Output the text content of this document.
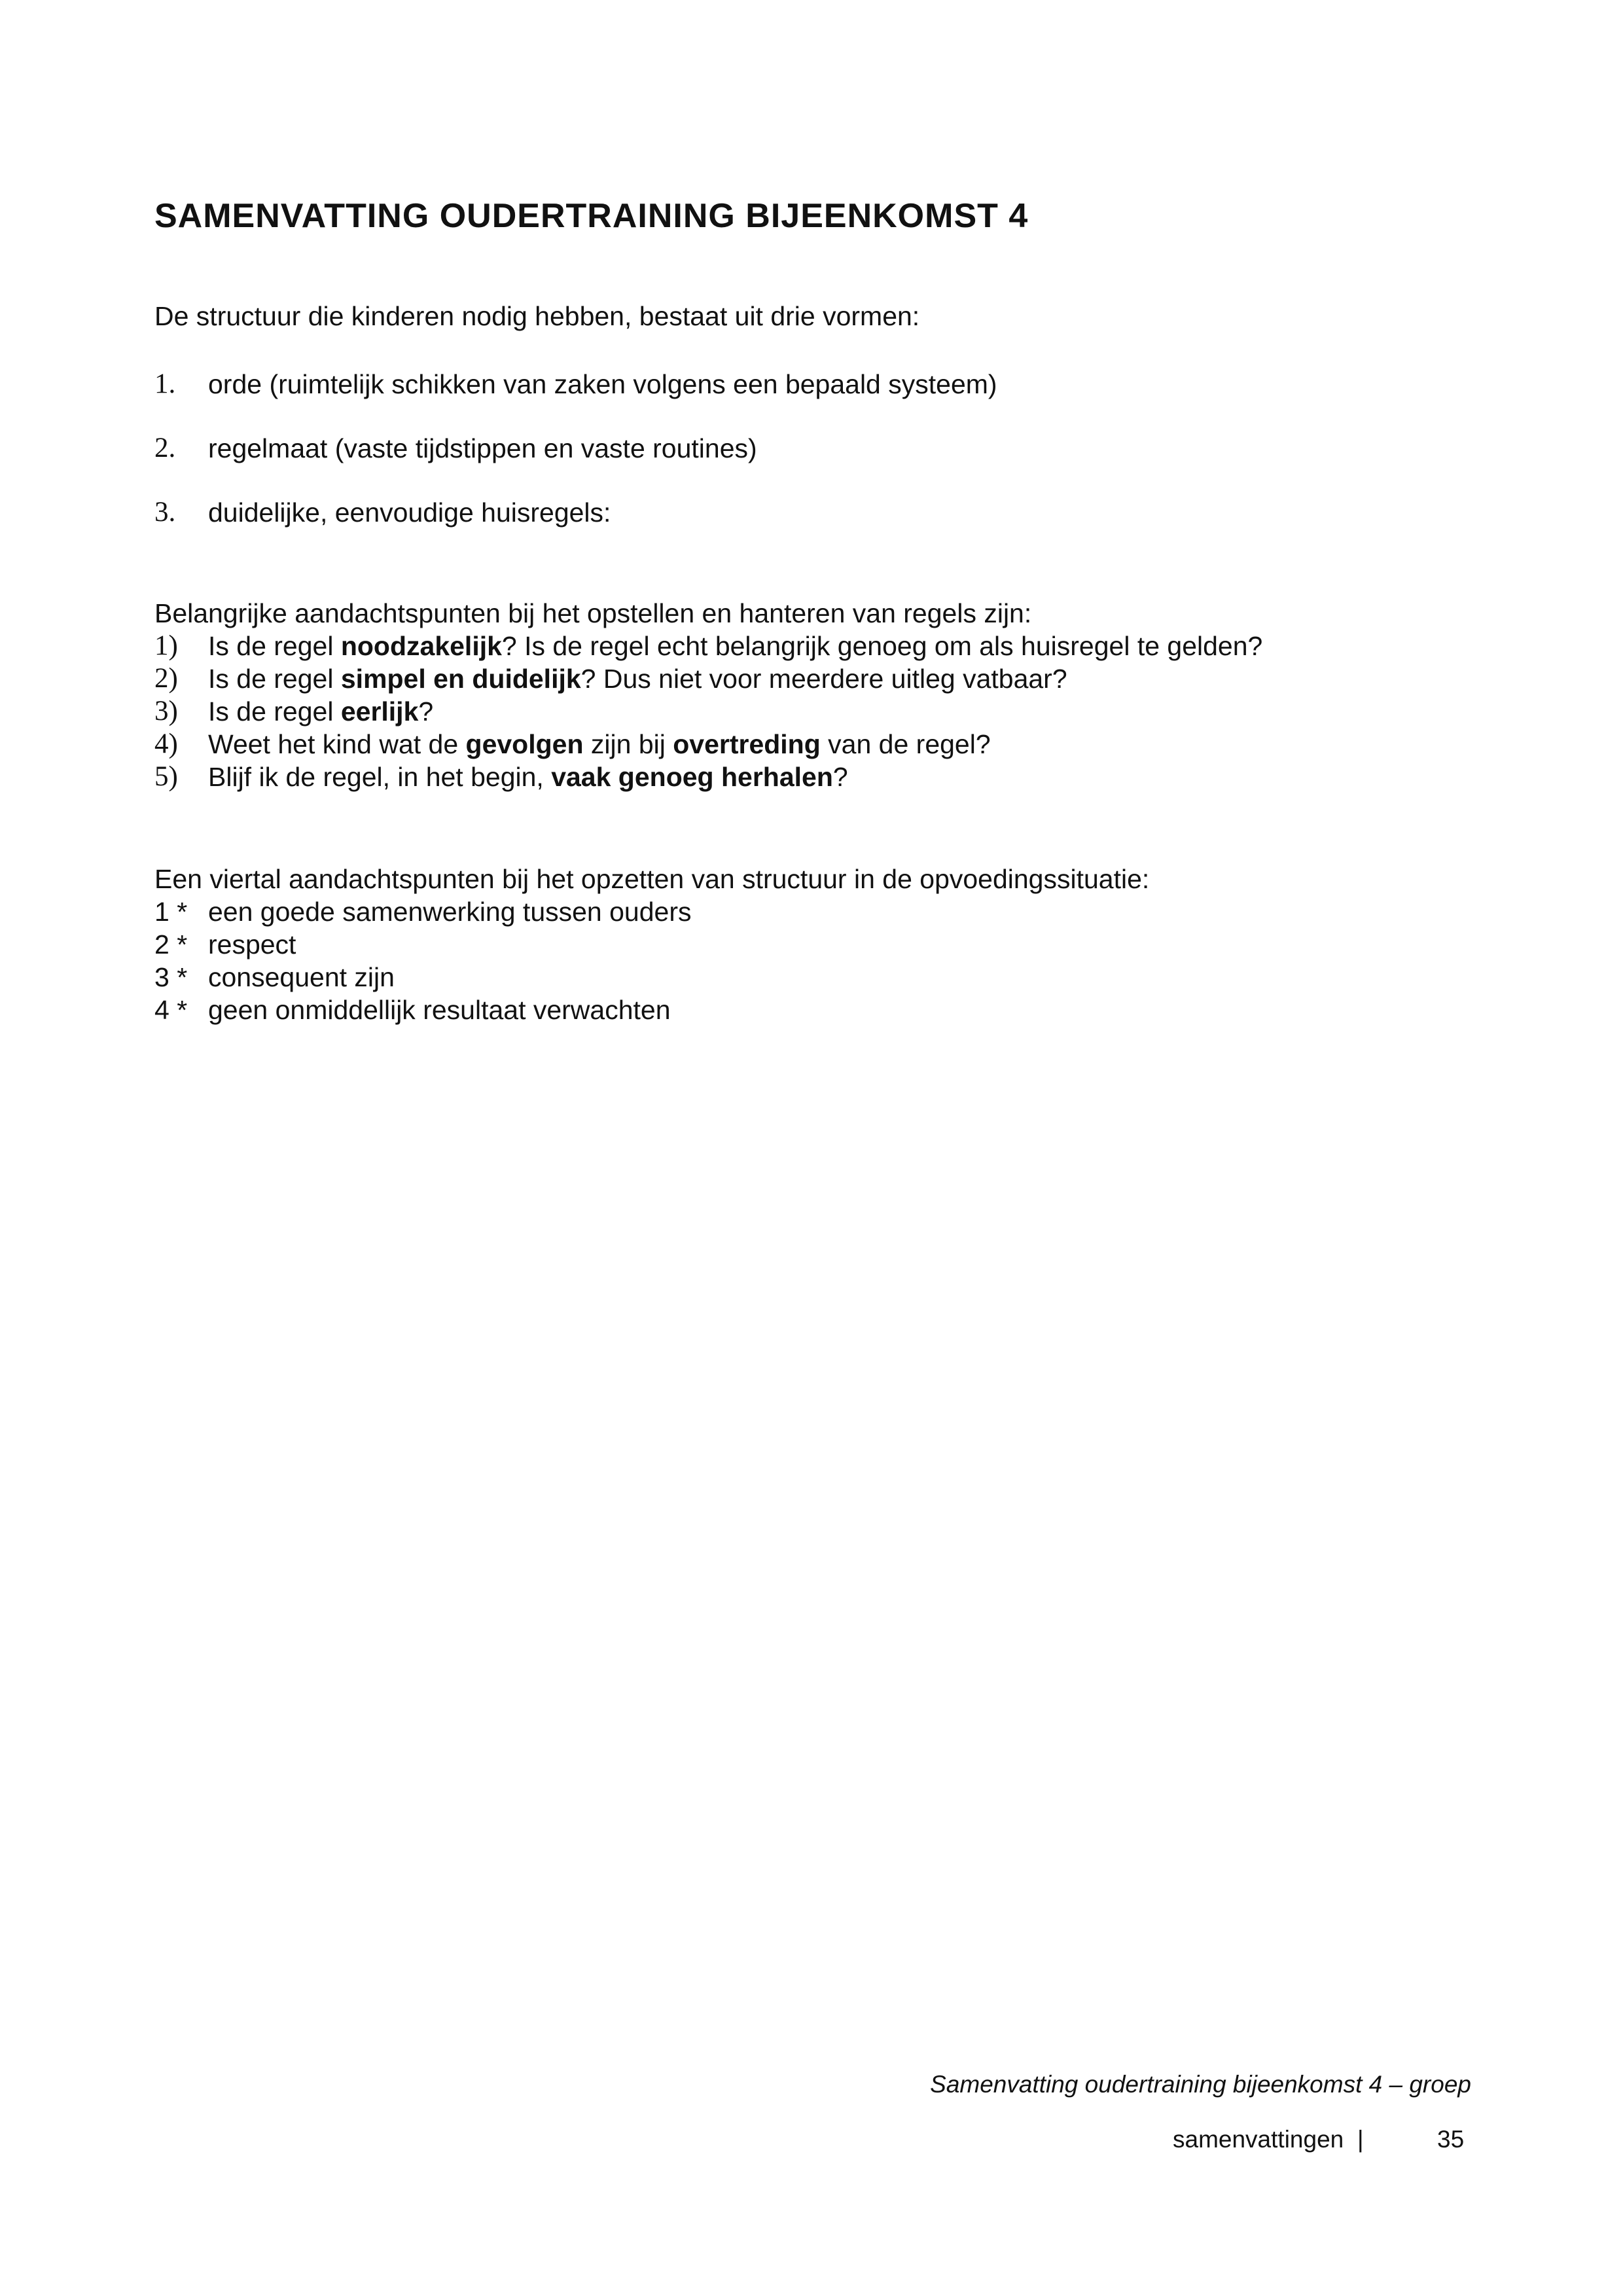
SAMENVATTING OUDERTRAINING BIJEENKOMST 4
De structuur die kinderen nodig hebben, bestaat uit drie vormen:
1. orde (ruimtelijk schikken van zaken volgens een bepaald systeem)
2. regelmaat (vaste tijdstippen en vaste routines)
3. duidelijke, eenvoudige huisregels:
Belangrijke aandachtspunten bij het opstellen en hanteren van regels zijn:
1) Is de regel noodzakelijk? Is de regel echt belangrijk genoeg om als huisregel te gelden?
2) Is de regel simpel en duidelijk? Dus niet voor meerdere uitleg vatbaar?
3) Is de regel eerlijk?
4) Weet het kind wat de gevolgen zijn bij overtreding van de regel?
5) Blijf ik de regel, in het begin, vaak genoeg herhalen?
Een viertal aandachtspunten bij het opzetten van structuur in de opvoedingssituatie:
1 * een goede samenwerking tussen ouders
2 * respect
3 * consequent zijn
4 * geen onmiddellijk resultaat verwachten
Samenvatting oudertraining bijeenkomst 4 – groep
samenvattingen |	35
